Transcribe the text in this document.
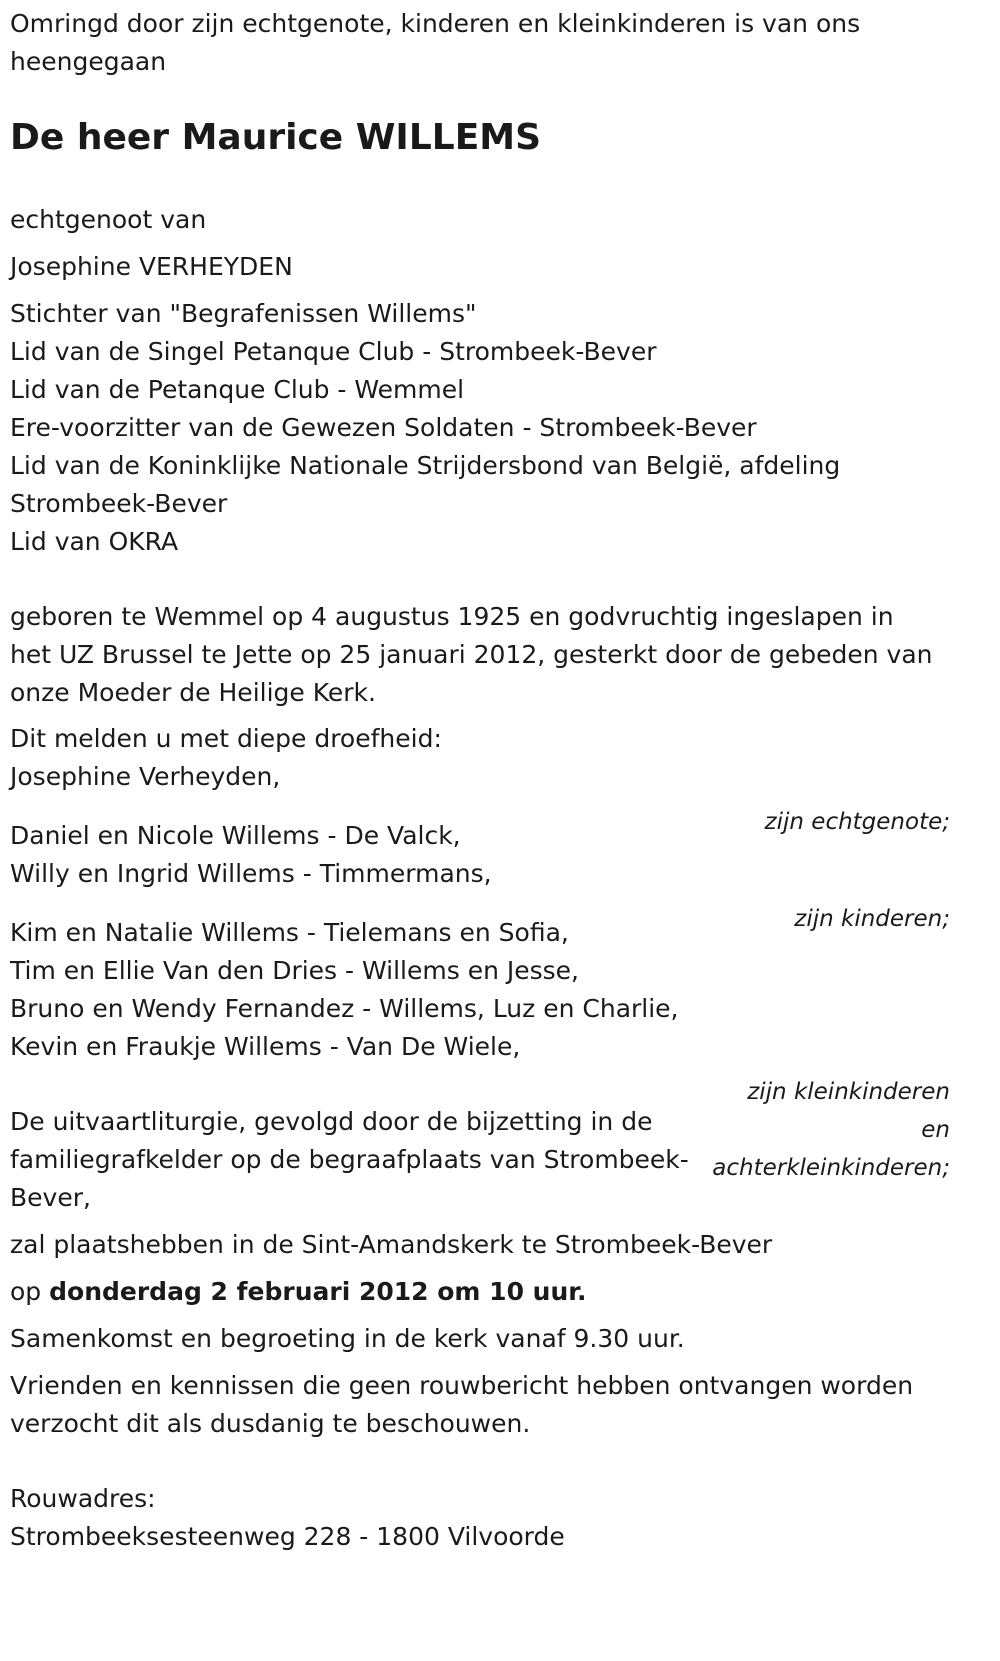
Omringd door zijn echtgenote, kinderen en kleinkinderen is van ons

heengegaan

De heer Maurice WILLEMS

echtgenoot van

Josephine VERHEYDEN

Stichter van "Begrafenissen Willems"

Lid van de Singel Petanque Club - Strombeek-Bever

Lid van de Petanque Club - Wemmel

Ere-voorzitter van de Gewezen Soldaten - Strombeek-Bever

Lid van de Koninklijke Nationale Strijdersbond van België, afdeling

Strombeek-Bever

Lid van OKRA

geboren te Wemmel op 4 augustus 1925 en godvruchtig ingeslapen in

het UZ Brussel te Jette op 25 januari 2012, gesterkt door de gebeden van

onze Moeder de Heilige Kerk.

Dit melden u met diepe droefheid:

Josephine Verheyden,

zijn echtgenote;

Daniel en Nicole Willems - De Valck,

Willy en Ingrid Willems - Timmermans,

zijn kinderen;

Kim en Natalie Willems - Tielemans en Sofia,

Tim en Ellie Van den Dries - Willems en Jesse,

Bruno en Wendy Fernandez - Willems, Luz en Charlie,

Kevin en Fraukje Willems - Van De Wiele,

zijn kleinkinderen

en

achterkleinkinderen;

De uitvaartliturgie, gevolgd door de bijzetting in de

familiegrafkelder op de begraafplaats van Strombeek-

Bever,

zal plaatshebben in de Sint-Amandskerk te Strombeek-Bever

op donderdag 2 februari 2012 om 10 uur.

Samenkomst en begroeting in de kerk vanaf 9.30 uur.

Vrienden en kennissen die geen rouwbericht hebben ontvangen worden

verzocht dit als dusdanig te beschouwen.

Rouwadres:

Strombeeksesteenweg 228 - 1800 Vilvoorde
